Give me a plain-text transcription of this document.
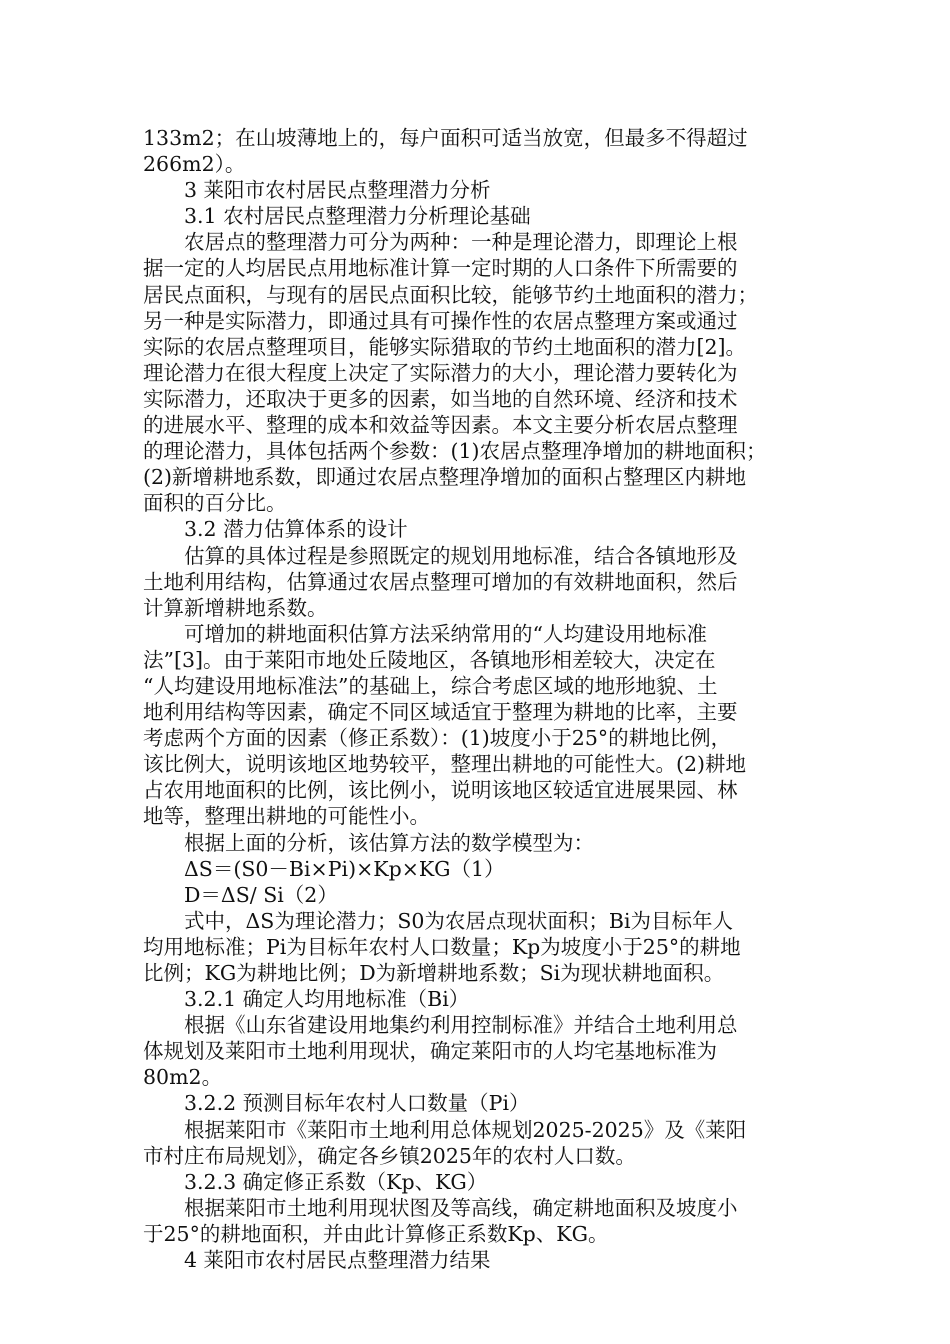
133m2；在山坡薄地上的，每户面积可适当放宽，但最多不得超过
266m2）。
　　3 莱阳市农村居民点整理潜力分析
　　3.1 农村居民点整理潜力分析理论基础
　　农居点的整理潜力可分为两种：一种是理论潜力，即理论上根
据一定的人均居民点用地标准计算一定时期的人口条件下所需要的
居民点面积，与现有的居民点面积比较，能够节约土地面积的潜力；
另一种是实际潜力，即通过具有可操作性的农居点整理方案或通过
实际的农居点整理项目，能够实际猎取的节约土地面积的潜力[2]。
理论潜力在很大程度上决定了实际潜力的大小，理论潜力要转化为
实际潜力，还取决于更多的因素，如当地的自然环境、经济和技术
的进展水平、整理的成本和效益等因素。本文主要分析农居点整理
的理论潜力，具体包括两个参数：(1)农居点整理净增加的耕地面积；
(2)新增耕地系数，即通过农居点整理净增加的面积占整理区内耕地
面积的百分比。
　　3.2 潜力估算体系的设计
　　估算的具体过程是参照既定的规划用地标准，结合各镇地形及
土地利用结构，估算通过农居点整理可增加的有效耕地面积，然后
计算新增耕地系数。
　　可增加的耕地面积估算方法采纳常用的“人均建设用地标准
法”[3]。由于莱阳市地处丘陵地区，各镇地形相差较大，决定在
“人均建设用地标准法”的基础上，综合考虑区域的地形地貌、土
地利用结构等因素，确定不同区域适宜于整理为耕地的比率，主要
考虑两个方面的因素（修正系数）：(1)坡度小于25°的耕地比例，
该比例大，说明该地区地势较平，整理出耕地的可能性大。(2)耕地
占农用地面积的比例，该比例小，说明该地区较适宜进展果园、林
地等，整理出耕地的可能性小。
　　根据上面的分析，该估算方法的数学模型为：
　　ΔS＝(S0－Bi×Pi)×Kp×KG（1）
　　D＝ΔS/ Si（2）
　　式中，ΔS为理论潜力；S0为农居点现状面积；Bi为目标年人
均用地标准；Pi为目标年农村人口数量；Kp为坡度小于25°的耕地
比例；KG为耕地比例；D为新增耕地系数；Si为现状耕地面积。
　　3.2.1 确定人均用地标准（Bi）
　　根据《山东省建设用地集约利用控制标准》并结合土地利用总
体规划及莱阳市土地利用现状，确定莱阳市的人均宅基地标准为
80m2。
　　3.2.2 预测目标年农村人口数量（Pi）
　　根据莱阳市《莱阳市土地利用总体规划2025-2025》及《莱阳
市村庄布局规划》，确定各乡镇2025年的农村人口数。
　　3.2.3 确定修正系数（Kp、KG）
　　根据莱阳市土地利用现状图及等高线，确定耕地面积及坡度小
于25°的耕地面积，并由此计算修正系数Kp、KG。
　　4 莱阳市农村居民点整理潜力结果
